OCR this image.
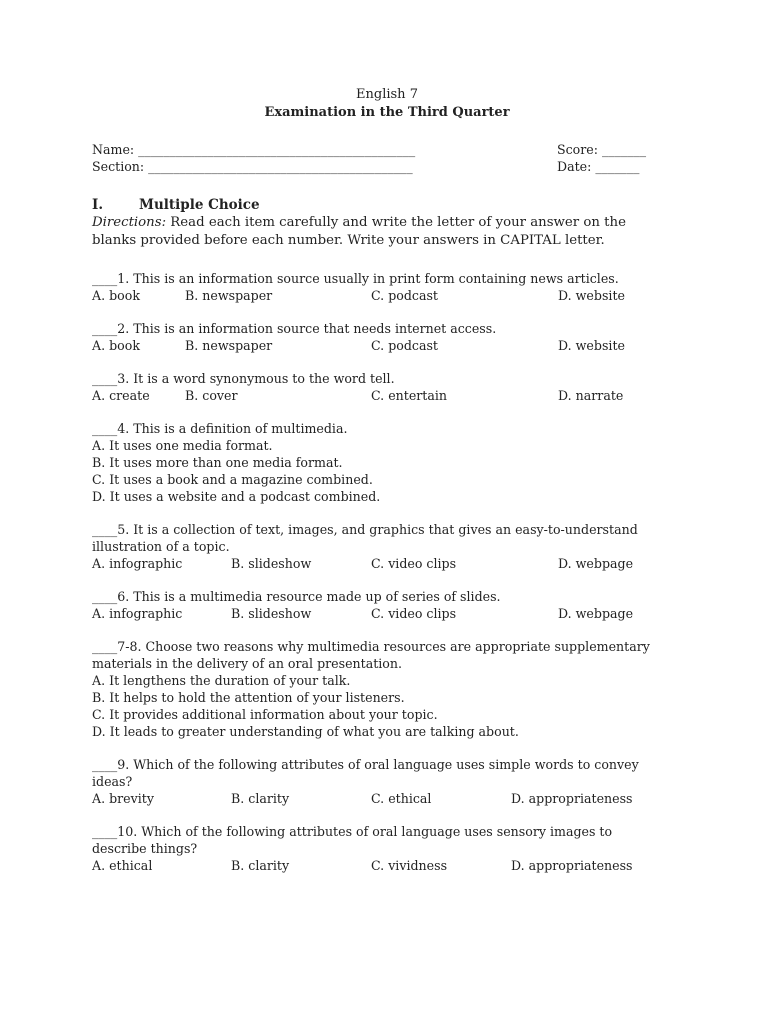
English 7
Examination in the Third Quarter
Name: ____________________________________________	Score: _______
Section: __________________________________________	Date: _______
I.	Multiple Choice
Directions: Read each item carefully and write the letter of your answer on the blanks provided before each number. Write your answers in CAPITAL letter.
____1. This is an information source usually in print form containing news articles.
A. book	B. newspaper	C. podcast	D. website
____2. This is an information source that needs internet access.
A. book	B. newspaper	C. podcast	D. website
____3. It is a word synonymous to the word tell.
A. create	B. cover	C. entertain	D. narrate
____4. This is a definition of multimedia.
A. It uses one media format.
B. It uses more than one media format.
C. It uses a book and a magazine combined.
D. It uses a website and a podcast combined.
____5. It is a collection of text, images, and graphics that gives an easy-to-understand illustration of a topic.
A. infographic	B. slideshow	C. video clips	D. webpage
____6. This is a multimedia resource made up of series of slides.
A. infographic	B. slideshow	C. video clips	D. webpage
____7-8. Choose two reasons why multimedia resources are appropriate supplementary materials in the delivery of an oral presentation.
A. It lengthens the duration of your talk.
B. It helps to hold the attention of your listeners.
C. It provides additional information about your topic.
D. It leads to greater understanding of what you are talking about.
____9. Which of the following attributes of oral language uses simple words to convey ideas?
A. brevity	B. clarity	C. ethical	D. appropriateness
____10. Which of the following attributes of oral language uses sensory images to describe things?
A. ethical	B. clarity	C. vividness	D. appropriateness
